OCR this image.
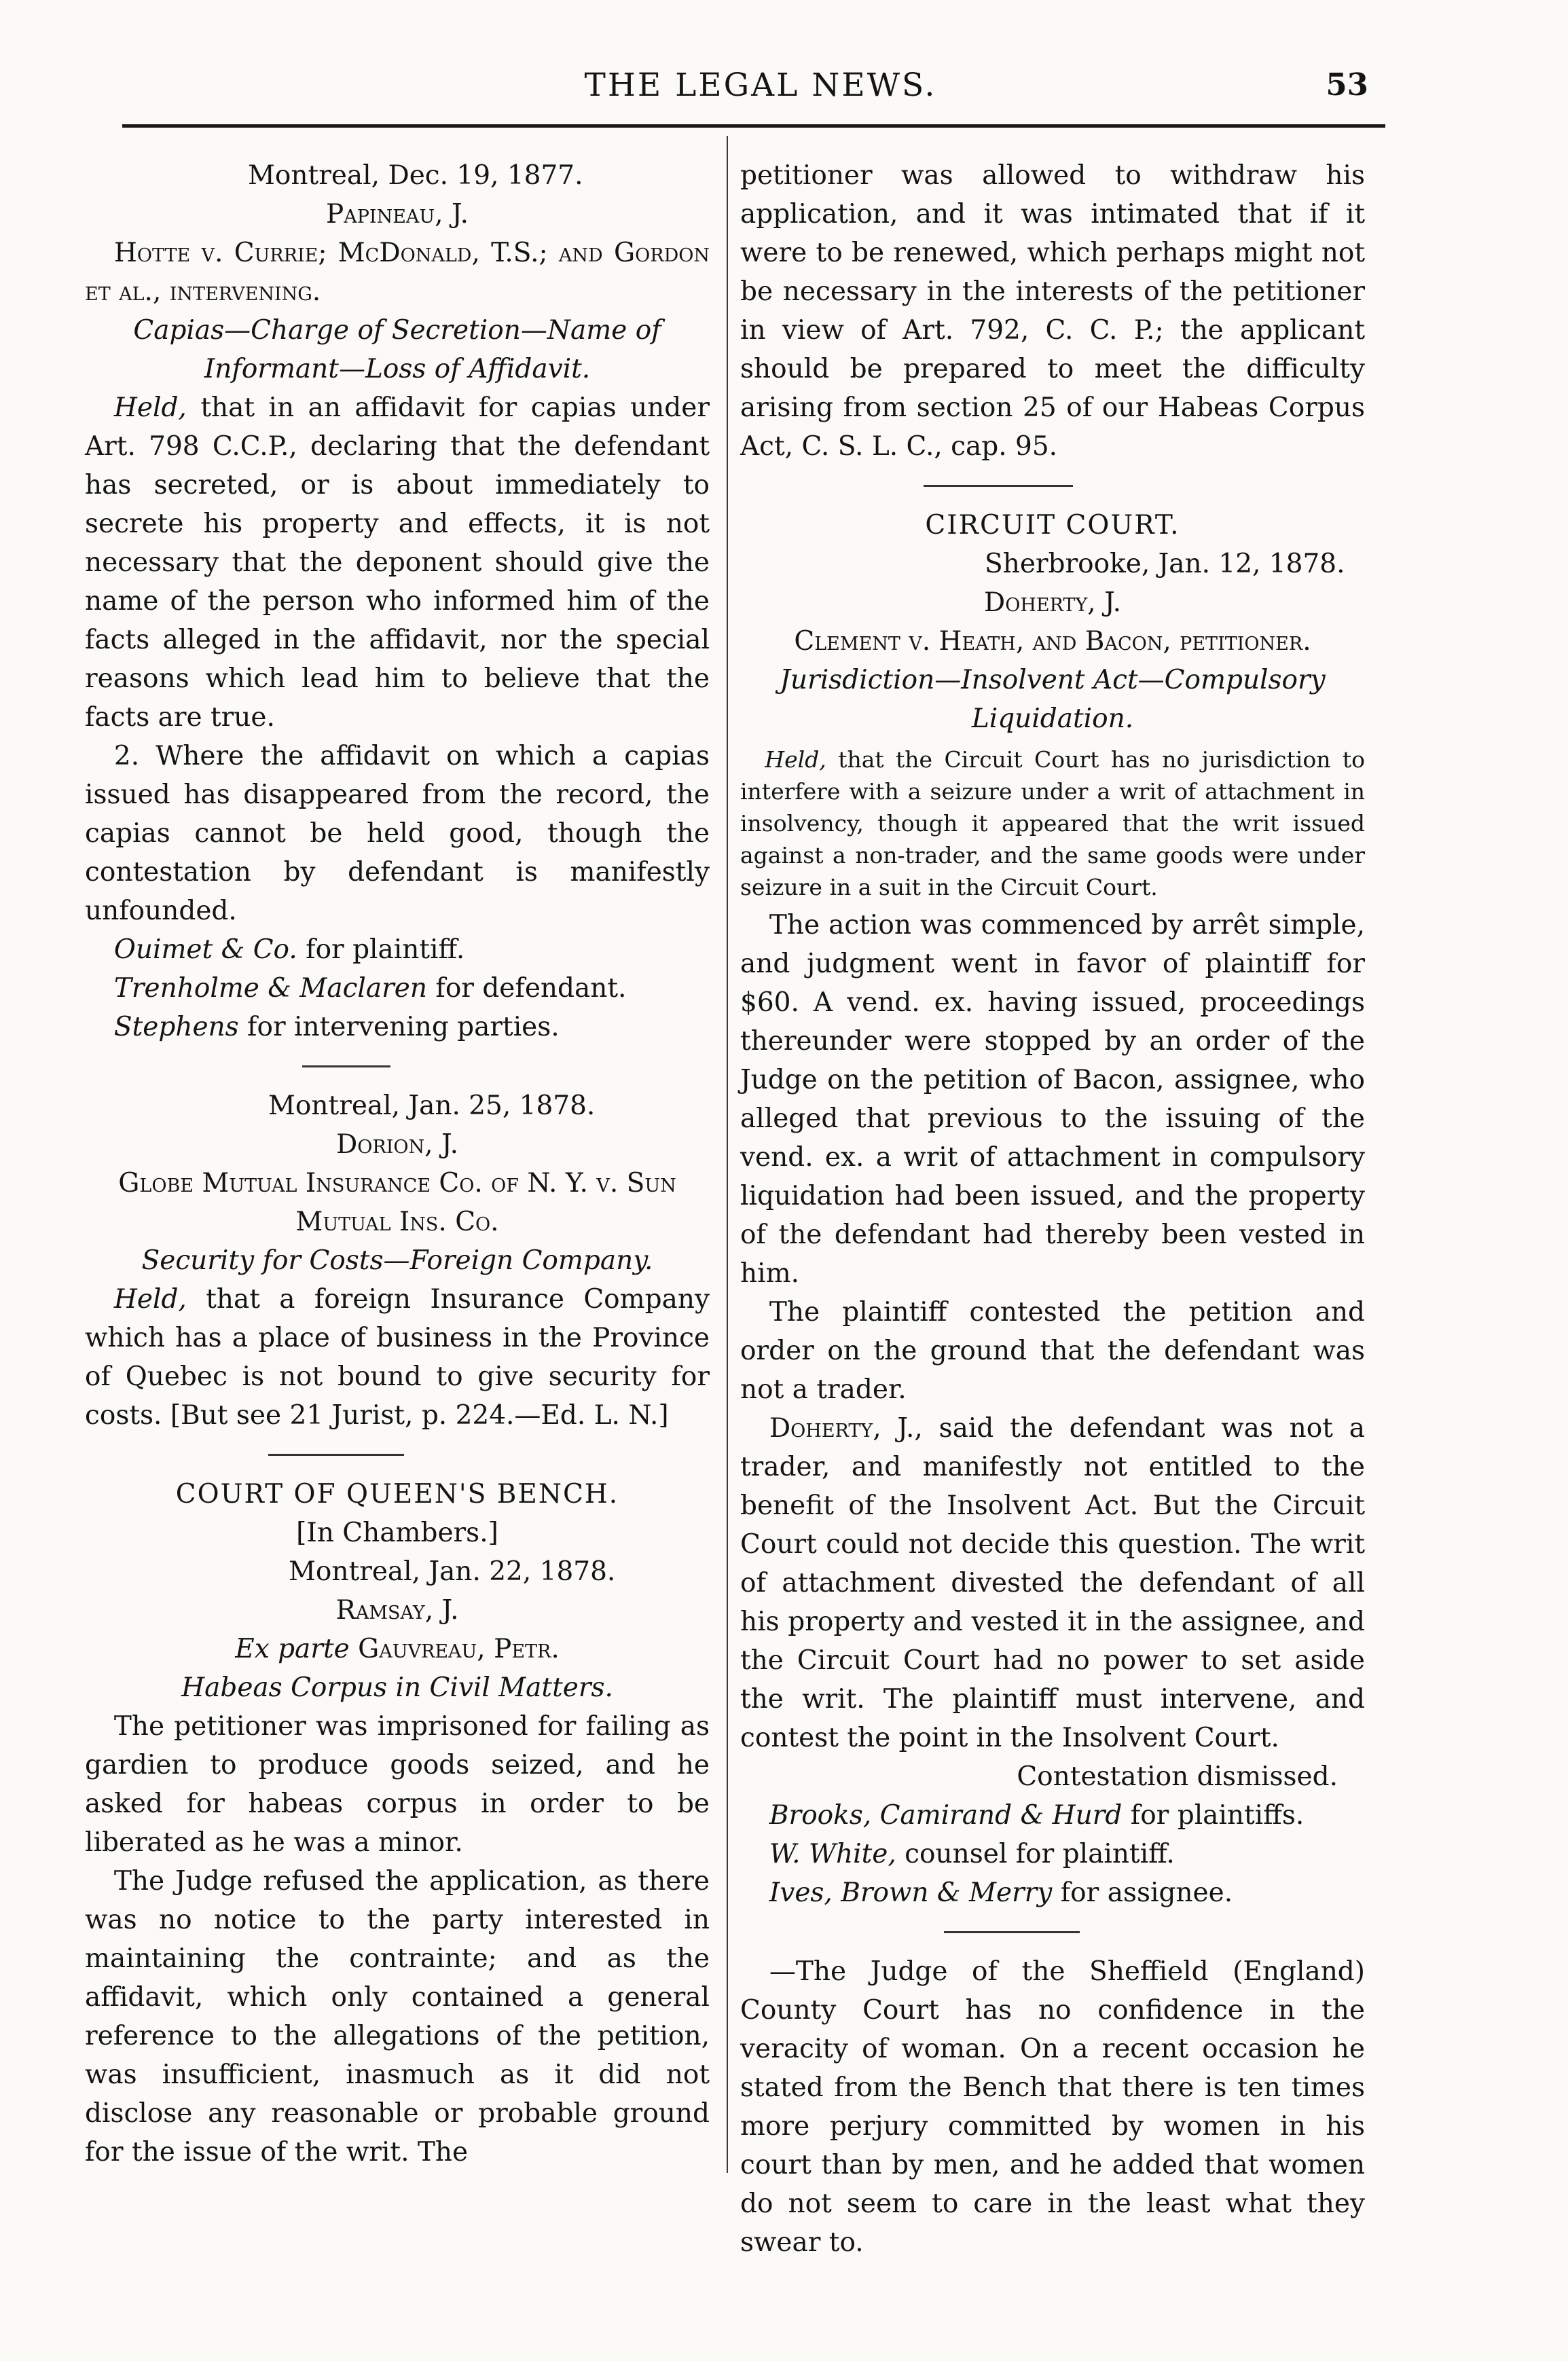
THE LEGAL NEWS.	53

Montreal, Dec. 19, 1877.

Papineau, J.

Hotte v. Currie; McDonald, T.S.; and Gordon et al., intervening.

Capias—Charge of Secretion—Name of Informant—Loss of Affidavit.

Held, that in an affidavit for capias under Art. 798 C.C.P., declaring that the defendant has secreted, or is about immediately to secrete his property and effects, it is not necessary that the deponent should give the name of the person who informed him of the facts alleged in the affidavit, nor the special reasons which lead him to believe that the facts are true.

2. Where the affidavit on which a capias issued has disappeared from the record, the capias cannot be held good, though the contestation by defendant is manifestly unfounded.

Ouimet & Co. for plaintiff.

Trenholme & Maclaren for defendant.

Stephens for intervening parties.

Montreal, Jan. 25, 1878.

Dorion, J.

Globe Mutual Insurance Co. of N. Y. v. Sun Mutual Ins. Co.

Security for Costs—Foreign Company.

Held, that a foreign Insurance Company which has a place of business in the Province of Quebec is not bound to give security for costs. [But see 21 Jurist, p. 224.—Ed. L. N.]

COURT OF QUEEN'S BENCH.

[In Chambers.]

Montreal, Jan. 22, 1878.

Ramsay, J.

Ex parte Gauvreau, Petr.

Habeas Corpus in Civil Matters.

The petitioner was imprisoned for failing as gardien to produce goods seized, and he asked for habeas corpus in order to be liberated as he was a minor.

The Judge refused the application, as there was no notice to the party interested in maintaining the contrainte; and as the affidavit, which only contained a general reference to the allegations of the petition, was insufficient, inasmuch as it did not disclose any reasonable or probable ground for the issue of the writ. The

petitioner was allowed to withdraw his application, and it was intimated that if it were to be renewed, which perhaps might not be necessary in the interests of the petitioner in view of Art. 792, C. C. P.; the applicant should be prepared to meet the difficulty arising from section 25 of our Habeas Corpus Act, C. S. L. C., cap. 95.

CIRCUIT COURT.

Sherbrooke, Jan. 12, 1878.

Doherty, J.

Clement v. Heath, and Bacon, petitioner.

Jurisdiction—Insolvent Act—Compulsory Liquidation.

Held, that the Circuit Court has no jurisdiction to interfere with a seizure under a writ of attachment in insolvency, though it appeared that the writ issued against a non-trader, and the same goods were under seizure in a suit in the Circuit Court.

The action was commenced by arrêt simple, and judgment went in favor of plaintiff for $60. A vend. ex. having issued, proceedings thereunder were stopped by an order of the Judge on the petition of Bacon, assignee, who alleged that previous to the issuing of the vend. ex. a writ of attachment in compulsory liquidation had been issued, and the property of the defendant had thereby been vested in him.

The plaintiff contested the petition and order on the ground that the defendant was not a trader.

Doherty, J., said the defendant was not a trader, and manifestly not entitled to the benefit of the Insolvent Act. But the Circuit Court could not decide this question. The writ of attachment divested the defendant of all his property and vested it in the assignee, and the Circuit Court had no power to set aside the writ. The plaintiff must intervene, and contest the point in the Insolvent Court.

Contestation dismissed.

Brooks, Camirand & Hurd for plaintiffs.

W. White, counsel for plaintiff.

Ives, Brown & Merry for assignee.

—The Judge of the Sheffield (England) County Court has no confidence in the veracity of woman. On a recent occasion he stated from the Bench that there is ten times more perjury committed by women in his court than by men, and he added that women do not seem to care in the least what they swear to.
